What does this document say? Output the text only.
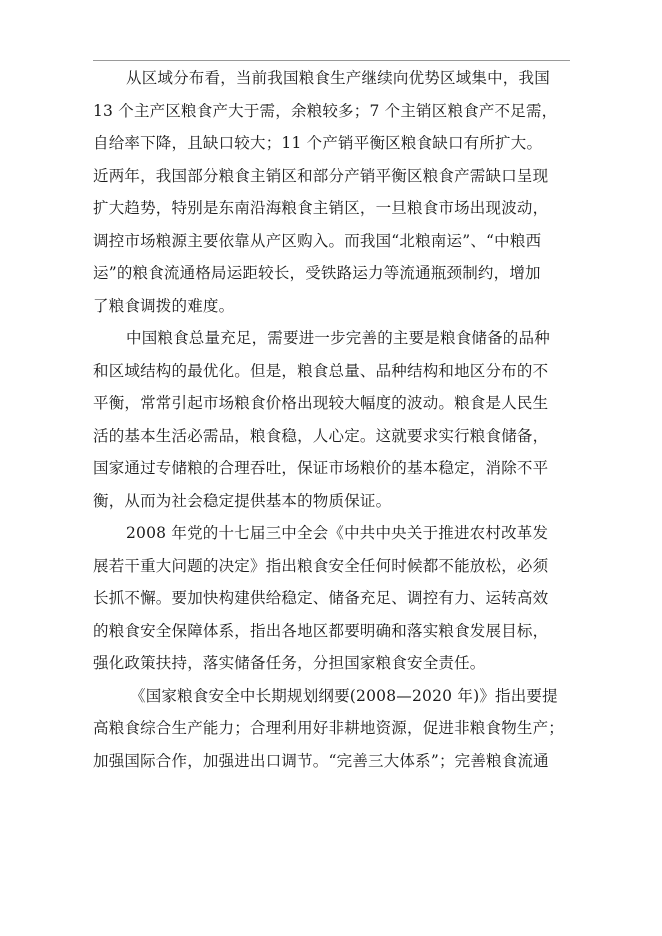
从区域分布看，当前我国粮食生产继续向优势区域集中，我国
13 个主产区粮食产大于需，余粮较多；7 个主销区粮食产不足需，
自给率下降，且缺口较大；11 个产销平衡区粮食缺口有所扩大。
近两年，我国部分粮食主销区和部分产销平衡区粮食产需缺口呈现
扩大趋势，特别是东南沿海粮食主销区，一旦粮食市场出现波动，
调控市场粮源主要依靠从产区购入。而我国“北粮南运”、“中粮西
运”的粮食流通格局运距较长，受铁路运力等流通瓶颈制约，增加
了粮食调拨的难度。
中国粮食总量充足，需要进一步完善的主要是粮食储备的品种
和区域结构的最优化。但是，粮食总量、品种结构和地区分布的不
平衡，常常引起市场粮食价格出现较大幅度的波动。粮食是人民生
活的基本生活必需品，粮食稳，人心定。这就要求实行粮食储备，
国家通过专储粮的合理吞吐，保证市场粮价的基本稳定，消除不平
衡，从而为社会稳定提供基本的物质保证。
2008 年党的十七届三中全会《中共中央关于推进农村改革发
展若干重大问题的决定》指出粮食安全任何时候都不能放松，必须
长抓不懈。要加快构建供给稳定、储备充足、调控有力、运转高效
的粮食安全保障体系，指出各地区都要明确和落实粮食发展目标，
强化政策扶持，落实储备任务，分担国家粮食安全责任。
《国家粮食安全中长期规划纲要(2008—2020 年)》指出要提
高粮食综合生产能力；合理利用好非耕地资源，促进非粮食物生产；
加强国际合作，加强进出口调节。“完善三大体系”；完善粮食流通
